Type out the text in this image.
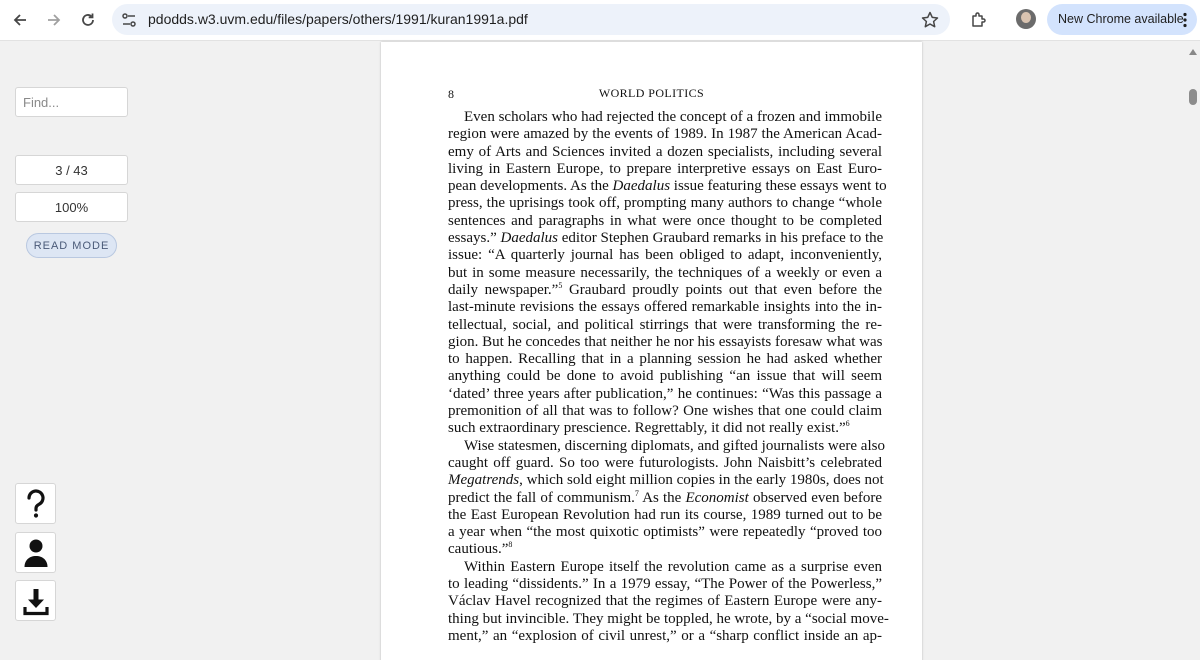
pdodds.w3.uvm.edu/files/papers/others/1991/kuran1991a.pdf	New Chrome available
Find...
3 / 43
100%
READ MODE
8	WORLD POLITICS
Even scholars who had rejected the concept of a frozen and immobile
region were amazed by the events of 1989. In 1987 the American Acad-
emy of Arts and Sciences invited a dozen specialists, including several
living in Eastern Europe, to prepare interpretive essays on East Euro-
pean developments. As the Daedalus issue featuring these essays went to
press, the uprisings took off, prompting many authors to change “whole
sentences and paragraphs in what were once thought to be completed
essays.” Daedalus editor Stephen Graubard remarks in his preface to the
issue: “A quarterly journal has been obliged to adapt, inconveniently,
but in some measure necessarily, the techniques of a weekly or even a
daily newspaper.”$^5$ Graubard proudly points out that even before the
last-minute revisions the essays offered remarkable insights into the in-
tellectual, social, and political stirrings that were transforming the re-
gion. But he concedes that neither he nor his essayists foresaw what was
to happen. Recalling that in a planning session he had asked whether
anything could be done to avoid publishing “an issue that will seem
‘dated’ three years after publication,” he continues: “Was this passage a
premonition of all that was to follow? One wishes that one could claim
such extraordinary prescience. Regrettably, it did not really exist.”$^6$
Wise statesmen, discerning diplomats, and gifted journalists were also
caught off guard. So too were futurologists. John Naisbitt’s celebrated
Megatrends, which sold eight million copies in the early 1980s, does not
predict the fall of communism.$^7$ As the Economist observed even before
the East European Revolution had run its course, 1989 turned out to be
a year when “the most quixotic optimists” were repeatedly “proved too
cautious.”$^8$
Within Eastern Europe itself the revolution came as a surprise even
to leading “dissidents.” In a 1979 essay, “The Power of the Powerless,”
Václav Havel recognized that the regimes of Eastern Europe were any-
thing but invincible. They might be toppled, he wrote, by a “social move-
ment,” an “explosion of civil unrest,” or a “sharp conflict inside an ap-
